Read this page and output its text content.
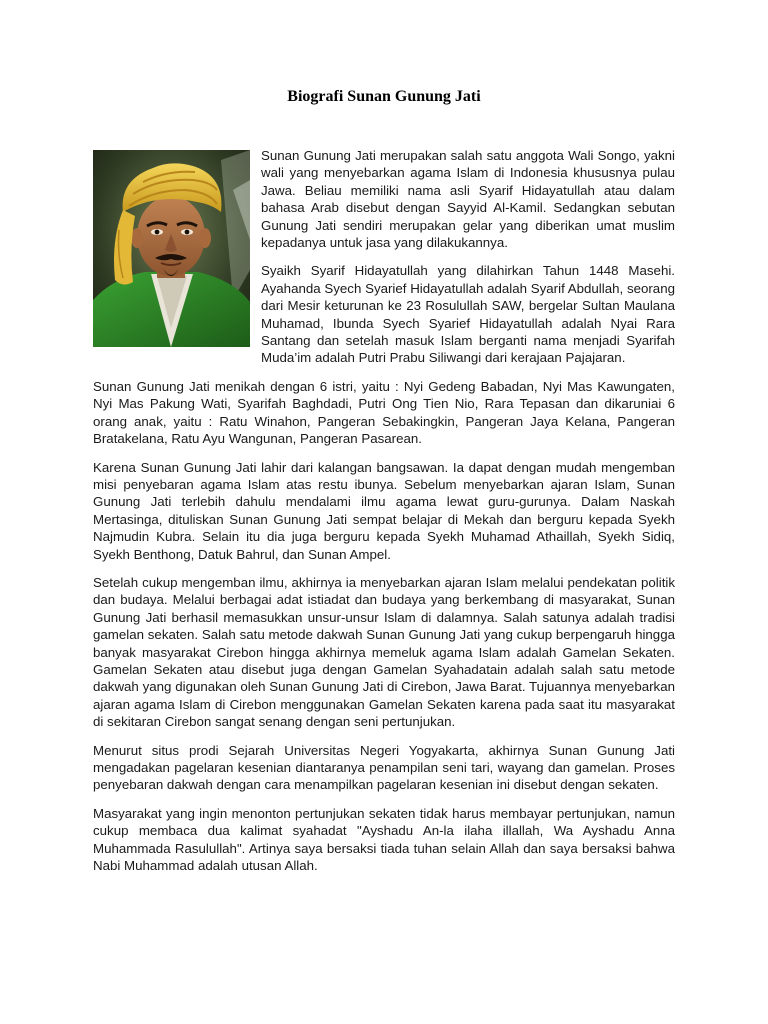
Biografi Sunan Gunung Jati

Sunan Gunung Jati merupakan salah satu anggota Wali Songo, yakni wali yang menyebarkan agama Islam di Indonesia khususnya pulau Jawa. Beliau memiliki nama asli Syarif Hidayatullah atau dalam bahasa Arab disebut dengan Sayyid Al-Kamil. Sedangkan sebutan Gunung Jati sendiri merupakan gelar yang diberikan umat muslim kepadanya untuk jasa yang dilakukannya.

Syaikh Syarif Hidayatullah yang dilahirkan Tahun 1448 Masehi. Ayahanda Syech Syarief Hidayatullah adalah Syarif Abdullah, seorang dari Mesir keturunan ke 23 Rosulullah SAW, bergelar Sultan Maulana Muhamad, Ibunda Syech Syarief Hidayatullah adalah Nyai Rara Santang dan setelah masuk Islam berganti nama menjadi Syarifah Muda’im adalah Putri Prabu Siliwangi dari kerajaan Pajajaran.

Sunan Gunung Jati menikah dengan 6 istri, yaitu : Nyi Gedeng Babadan, Nyi Mas Kawungaten, Nyi Mas Pakung Wati, Syarifah Baghdadi, Putri Ong Tien Nio, Rara Tepasan dan dikaruniai 6 orang anak, yaitu : Ratu Winahon, Pangeran Sebakingkin, Pangeran Jaya Kelana, Pangeran Bratakelana, Ratu Ayu Wangunan, Pangeran Pasarean.

Karena Sunan Gunung Jati lahir dari kalangan bangsawan. Ia dapat dengan mudah mengemban misi penyebaran agama Islam atas restu ibunya. Sebelum menyebarkan ajaran Islam, Sunan Gunung Jati terlebih dahulu mendalami ilmu agama lewat guru-gurunya. Dalam Naskah Mertasinga, dituliskan Sunan Gunung Jati sempat belajar di Mekah dan berguru kepada Syekh Najmudin Kubra. Selain itu dia juga berguru kepada Syekh Muhamad Athaillah, Syekh Sidiq, Syekh Benthong, Datuk Bahrul, dan Sunan Ampel.

Setelah cukup mengemban ilmu, akhirnya ia menyebarkan ajaran Islam melalui pendekatan politik dan budaya. Melalui berbagai adat istiadat dan budaya yang berkembang di masyarakat, Sunan Gunung Jati berhasil memasukkan unsur-unsur Islam di dalamnya. Salah satunya adalah tradisi gamelan sekaten. Salah satu metode dakwah Sunan Gunung Jati yang cukup berpengaruh hingga banyak masyarakat Cirebon hingga akhirnya memeluk agama Islam adalah Gamelan Sekaten. Gamelan Sekaten atau disebut juga dengan Gamelan Syahadatain adalah salah satu metode dakwah yang digunakan oleh Sunan Gunung Jati di Cirebon, Jawa Barat. Tujuannya menyebarkan ajaran agama Islam di Cirebon menggunakan Gamelan Sekaten karena pada saat itu masyarakat di sekitaran Cirebon sangat senang dengan seni pertunjukan.

Menurut situs prodi Sejarah Universitas Negeri Yogyakarta, akhirnya Sunan Gunung Jati mengadakan pagelaran kesenian diantaranya penampilan seni tari, wayang dan gamelan. Proses penyebaran dakwah dengan cara menampilkan pagelaran kesenian ini disebut dengan sekaten.

Masyarakat yang ingin menonton pertunjukan sekaten tidak harus membayar pertunjukan, namun cukup membaca dua kalimat syahadat "Ayshadu An-la ilaha illallah, Wa Ayshadu Anna Muhammada Rasulullah". Artinya saya bersaksi tiada tuhan selain Allah dan saya bersaksi bahwa Nabi Muhammad adalah utusan Allah.
